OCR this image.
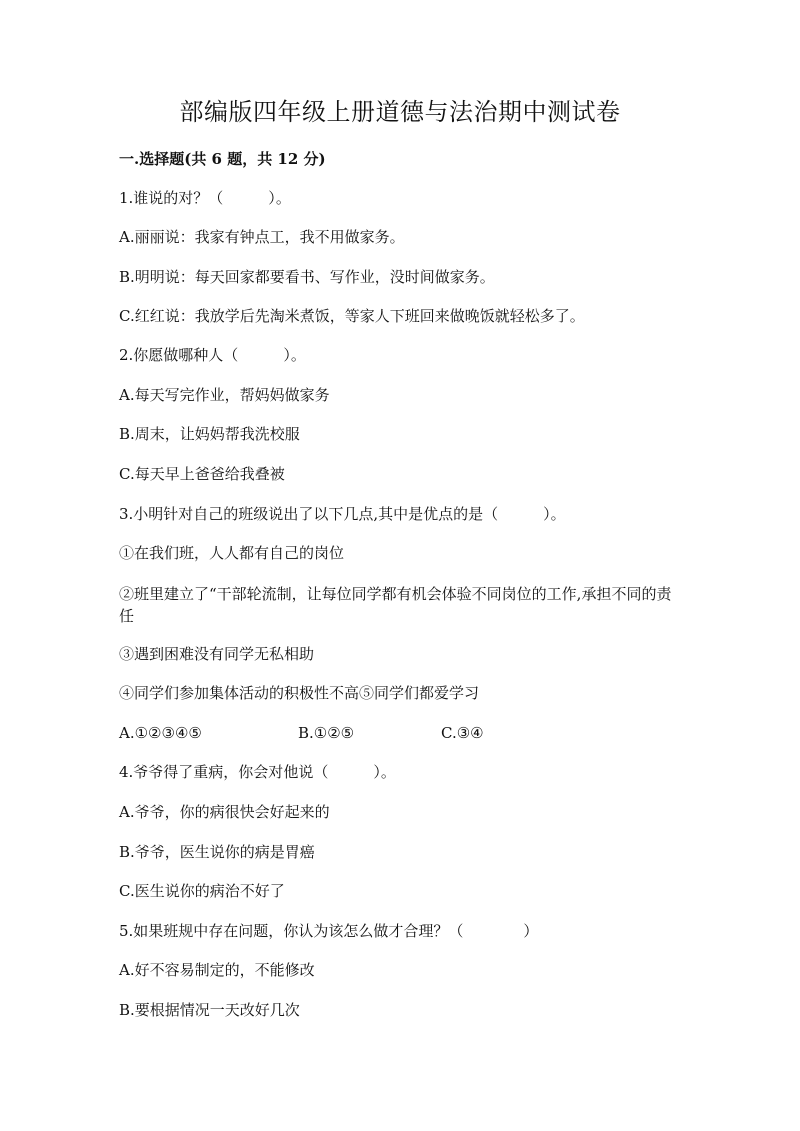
部编版四年级上册道德与法治期中测试卷
一.选择题(共 6 题，共 12 分)
1.谁说的对？（　　　）。
A.丽丽说：我家有钟点工，我不用做家务。
B.明明说：每天回家都要看书、写作业，没时间做家务。
C.红红说：我放学后先淘米煮饭，等家人下班回来做晚饭就轻松多了。
2.你愿做哪种人（　　　）。
A.每天写完作业，帮妈妈做家务
B.周末，让妈妈帮我洗校服
C.每天早上爸爸给我叠被
3.小明针对自己的班级说出了以下几点,其中是优点的是（　　　）。
①在我们班，人人都有自己的岗位
②班里建立了“干部轮流制，让每位同学都有机会体验不同岗位的工作,承担不同的责任
③遇到困难没有同学无私相助
④同学们参加集体活动的积极性不高⑤同学们都爱学习
A.①②③④⑤	B.①②⑤	C.③④
4.爷爷得了重病，你会对他说（　　　）。
A.爷爷，你的病很快会好起来的
B.爷爷，医生说你的病是胃癌
C.医生说你的病治不好了
5.如果班规中存在问题，你认为该怎么做才合理？（　　　　）
A.好不容易制定的，不能修改
B.要根据情况一天改好几次
